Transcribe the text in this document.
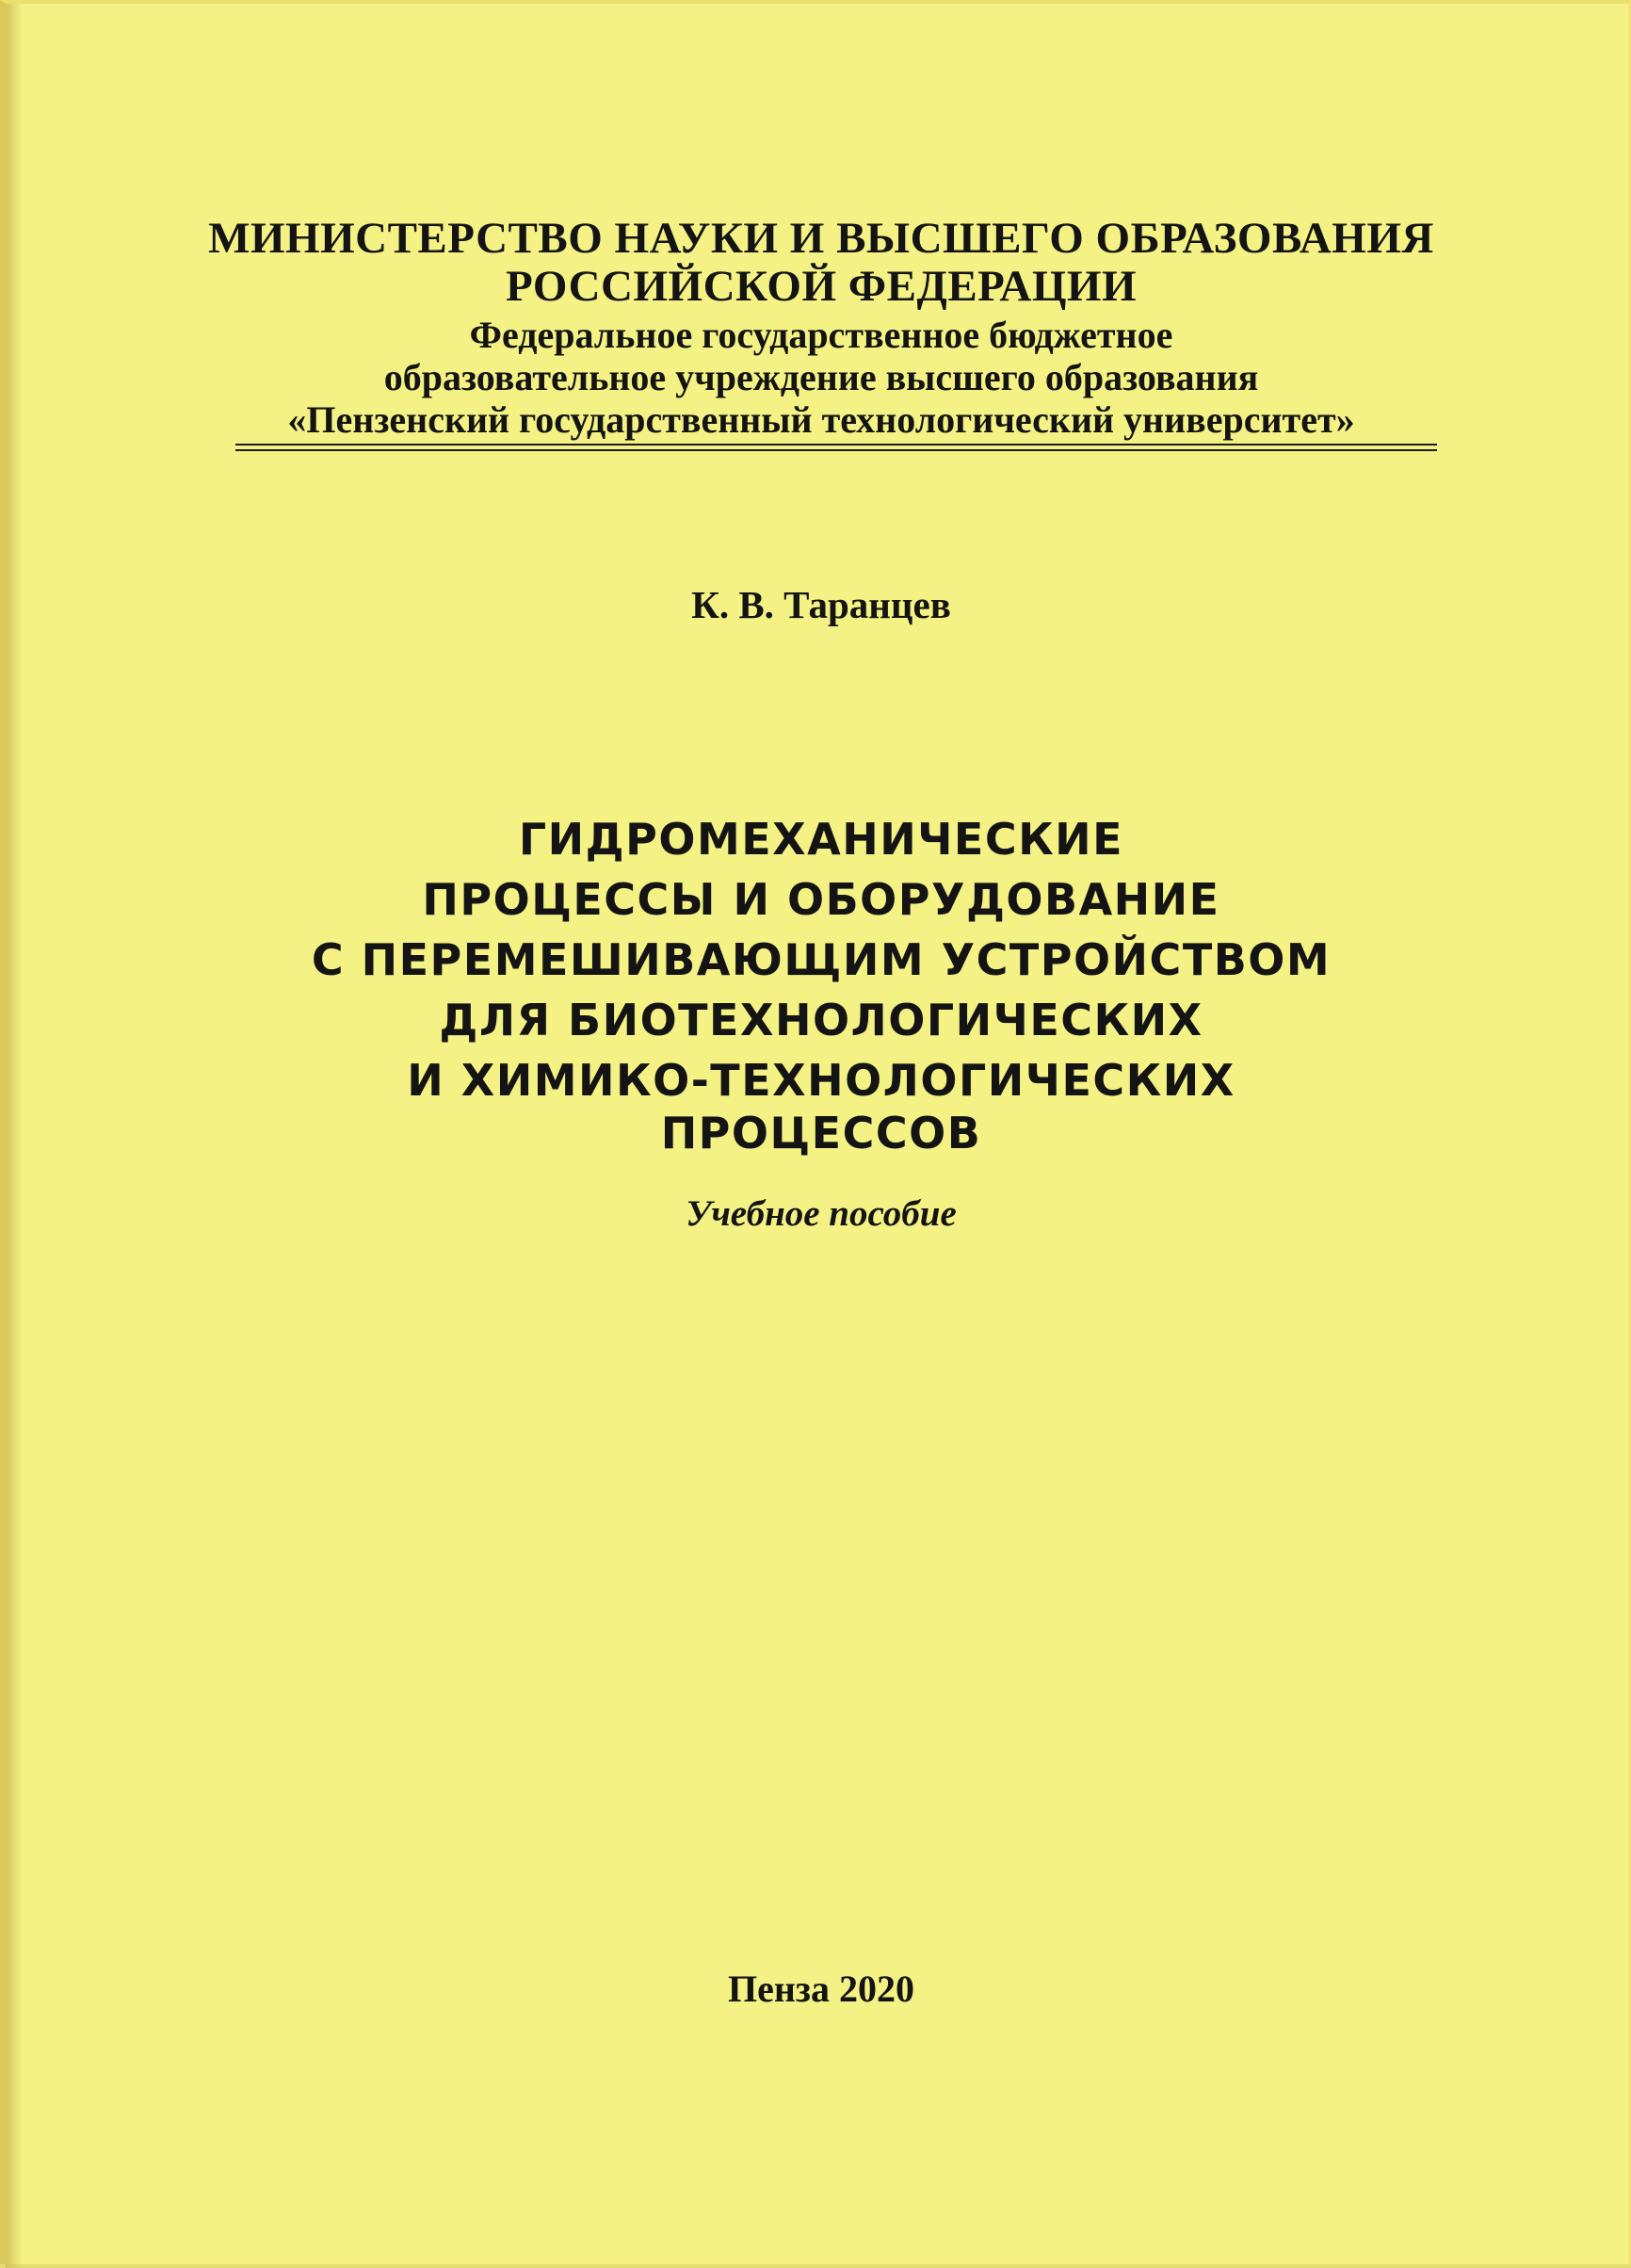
МИНИСТЕРСТВО НАУКИ И ВЫСШЕГО ОБРАЗОВАНИЯ
РОССИЙСКОЙ ФЕДЕРАЦИИ
Федеральное государственное бюджетное
образовательное учреждение высшего образования
«Пензенский государственный технологический университет»
К. В. Таранцев
ГИДРОМЕХАНИЧЕСКИЕ
ПРОЦЕССЫ И ОБОРУДОВАНИЕ
С ПЕРЕМЕШИВАЮЩИМ УСТРОЙСТВОМ
ДЛЯ БИОТЕХНОЛОГИЧЕСКИХ
И ХИМИКО-ТЕХНОЛОГИЧЕСКИХ
ПРОЦЕССОВ
Учебное пособие
Пенза 2020
